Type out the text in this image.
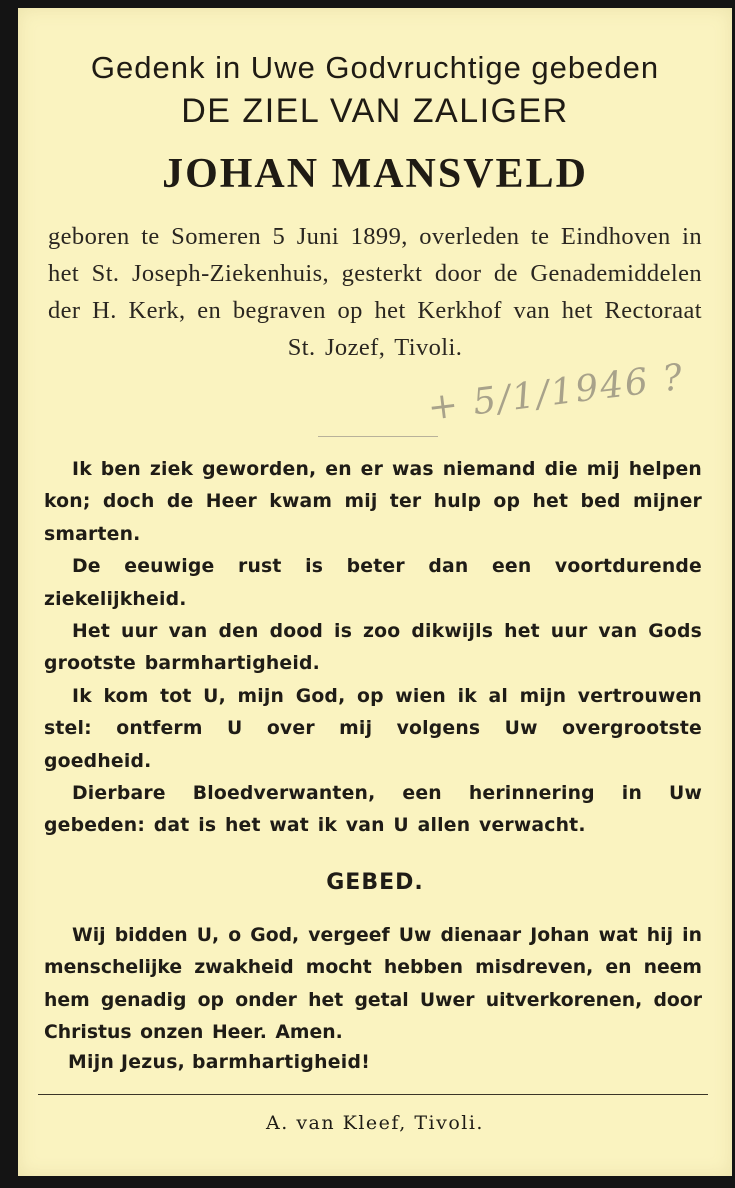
Gedenk in Uwe Godvruchtige gebeden
DE ZIEL VAN ZALIGER
JOHAN MANSVELD

geboren te Someren 5 Juni 1899, overleden te Eindhoven in het St. Joseph-Ziekenhuis, gesterkt door de Genademiddelen der H. Kerk, en begraven op het Kerkhof van het Rectoraat St. Jozef, Tivoli.

+ 5/1/1946 ?

Ik ben ziek geworden, en er was niemand die mij helpen kon; doch de Heer kwam mij ter hulp op het bed mijner smarten.

De eeuwige rust is beter dan een voortdurende ziekelijkheid.

Het uur van den dood is zoo dikwijls het uur van Gods grootste barmhartigheid.

Ik kom tot U, mijn God, op wien ik al mijn vertrouwen stel: ontferm U over mij volgens Uw overgrootste goedheid.

Dierbare Bloedverwanten, een herinnering in Uw gebeden: dat is het wat ik van U allen verwacht.

GEBED.

Wij bidden U, o God, vergeef Uw dienaar Johan wat hij in menschelijke zwakheid mocht hebben misdreven, en neem hem genadig op onder het getal Uwer uitverkorenen, door Christus onzen Heer. Amen.

Mijn Jezus, barmhartigheid!
A. van Kleef, Tivoli.
